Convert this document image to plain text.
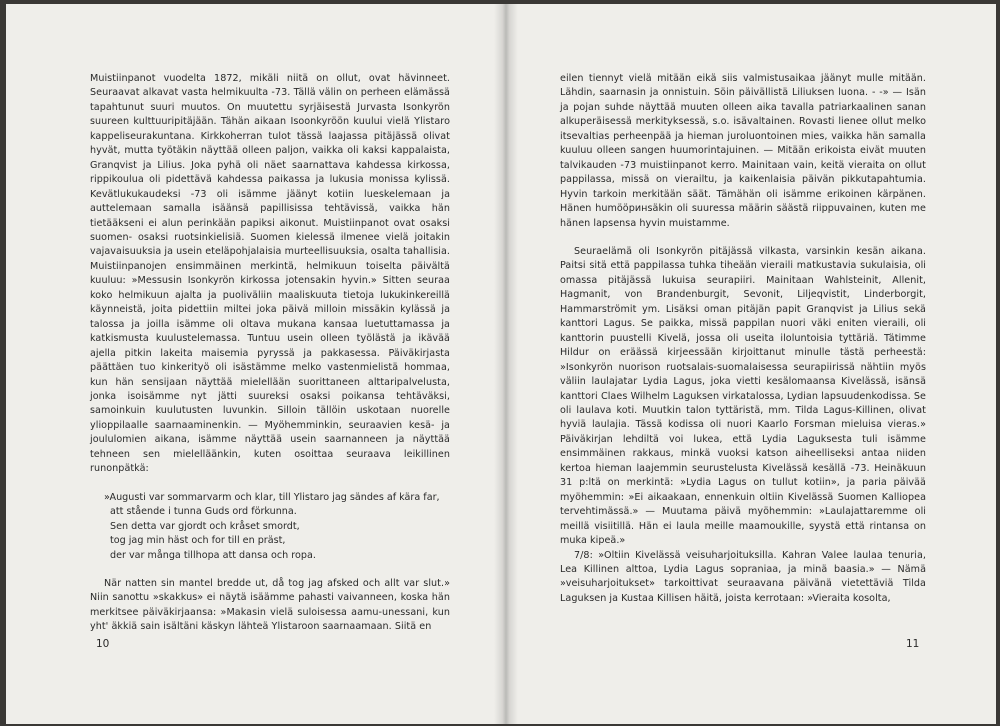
Muistiinpanot vuodelta 1872, mikäli niitä on ollut, ovat hävinneet. Seuraavat alkavat vasta helmikuulta -73. Tällä välin on perheen elämässä tapahtunut suuri muutos. On muutettu syrjäisestä Jurvasta Isonkyrön suureen kulttuuripitäjään. Tähän aikaan Isoonkyröön kuului vielä Ylistaro kappeliseurakuntana. Kirkkoherran tulot tässä laajassa pitäjässä olivat hyvät, mutta työtäkin näyttää olleen paljon, vaikka oli kaksi kappalaista, Granqvist ja Lilius. Joka pyhä oli näet saarnattava kahdessa kirkossa, rippikoulua oli pidettävä kahdessa paikassa ja lukusia monissa kylissä. Kevätlukukaudeksi -73 oli isämme jäänyt kotiin lueskelemaan ja auttelemaan samalla isäänsä papillisissa tehtävissä, vaikka hän tietääkseni ei alun perinkään papiksi aikonut. Muistiinpanot ovat osaksi suomen- osaksi ruotsinkielisiä. Suomen kielessä ilmenee vielä joitakin vajavaisuuksia ja usein eteläpohjalaisia murteellisuuksia, osalta tahallisia. Muistiinpanojen ensimmäinen merkintä, helmikuun toiselta päivältä kuuluu: »Messusin Isonkyrön kirkossa jotensakin hyvin.» Sitten seuraa koko helmikuun ajalta ja puoliväliin maaliskuuta tietoja lukukinkereillä käynneistä, joita pidettiin miltei joka päivä milloin missäkin kylässä ja talossa ja joilla isämme oli oltava mukana kansaa luetuttamassa ja katkismusta kuulustelemassa. Tuntuu usein olleen työlästä ja ikävää ajella pitkin lakeita maisemia pyryssä ja pakkasessa. Päiväkirjasta päättäen tuo kinkerityö oli isästämme melko vastenmielistä hommaa, kun hän sensijaan näyttää mielellään suorittaneen alttaripalvelusta, jonka isoisämme nyt jätti suureksi osaksi poikansa tehtäväksi, samoinkuin kuulutusten luvunkin. Silloin tällöin uskotaan nuorelle ylioppilaalle saarnaaminenkin. — Myöhemminkin, seuraavien kesä- ja joululomien aikana, isämme näyttää usein saarnanneen ja näyttää tehneen sen mielelläänkin, kuten osoittaa seuraava leikillinen runonpätkä:

»Augusti var sommarvarm och klar, till Ylistaro jag sändes af kära far,
att stående i tunna Guds ord förkunna.
Sen detta var gjordt och kråset smordt,
tog jag min häst och for till en präst,
der var många tillhopa att dansa och ropa.

När natten sin mantel bredde ut, då tog jag afsked och allt var slut.» Niin sanottu »skakkus» ei näytä isäämme pahasti vaivanneen, koska hän merkitsee päiväkirjaansa: »Makasin vielä suloisessa aamu-unessani, kun yht' äkkiä sain isältäni käskyn lähteä Ylistaroon saarnaamaan. Siitä en

eilen tiennyt vielä mitään eikä siis valmistusaikaa jäänyt mulle mitään. Lähdin, saarnasin ja onnistuin. Söin päivällistä Liliuksen luona. - -» — Isän ja pojan suhde näyttää muuten olleen aika tavalla patriarkaalinen sanan alkuperäisessä merkityksessä, s.o. isävaltainen. Rovasti lienee ollut melko itsevaltias perheenpää ja hieman juroluontoinen mies, vaikka hän samalla kuuluu olleen sangen huumorintajuinen. — Mitään erikoista eivät muuten talvikauden -73 muistiinpanot kerro. Mainitaan vain, keitä vieraita on ollut pappilassa, missä on vierailtu, ja kaikenlaisia päivän pikkutapahtumia. Hyvin tarkoin merkitään säät. Tämähän oli isämme erikoinen kärpänen. Hänen humööринsäkin oli suuressa määrin säästä riippuvainen, kuten me hänen lapsensa hyvin muistamme.

Seuraelämä oli Isonkyrön pitäjässä vilkasta, varsinkin kesän aikana. Paitsi sitä että pappilassa tuhka tiheään vieraili matkustavia sukulaisia, oli omassa pitäjässä lukuisa seurapiiri. Mainitaan Wahlsteinit, Allenit, Hagmanit, von Brandenburgit, Sevonit, Liljeqvistit, Linderborgit, Hammarströmit ym. Lisäksi oman pitäjän papit Granqvist ja Lilius sekä kanttori Lagus. Se paikka, missä pappilan nuori väki eniten vieraili, oli kanttorin puustelli Kivelä, jossa oli useita iloluntoisia tyttäriä. Tätimme Hildur on eräässä kirjeessään kirjoittanut minulle tästä perheestä: »Isonkyrön nuorison ruotsalais-suomalaisessa seurapiirissä nähtiin myös väliin laulajatar Lydia Lagus, joka vietti kesälomaansa Kivelässä, isänsä kanttori Claes Wilhelm Laguksen virkatalossa, Lydian lapsuudenkodissa. Se oli laulava koti. Muutkin talon tyttäristä, mm. Tilda Lagus-Killinen, olivat hyviä laulajia. Tässä kodissa oli nuori Kaarlo Forsman mieluisa vieras.» Päiväkirjan lehdiltä voi lukea, että Lydia Laguksesta tuli isämme ensimmäinen rakkaus, minkä vuoksi katson aiheelliseksi antaa niiden kertoa hieman laajemmin seurustelusta Kivelässä kesällä -73. Heinäkuun 31 p:ltä on merkintä: »Lydia Lagus on tullut kotiin», ja paria päivää myöhemmin: »Ei aikaakaan, ennenkuin oltiin Kivelässä Suomen Kalliopea tervehtimässä.» — Muutama päivä myöhemmin: »Laulajattaremme oli meillä visiitillä. Hän ei laula meille maamoukille, syystä että rintansa on muka kipeä.»

7/8: »Oltiin Kivelässä veisuharjoituksilla. Kahran Valee laulaa tenuria, Lea Killinen alttoa, Lydia Lagus sopraniaa, ja minä baasia.» — Nämä »veisuharjoitukset» tarkoittivat seuraavana päivänä vietettäviä Tilda Laguksen ja Kustaa Killisen häitä, joista kerrotaan: »Vieraita kosolta,

10	11
